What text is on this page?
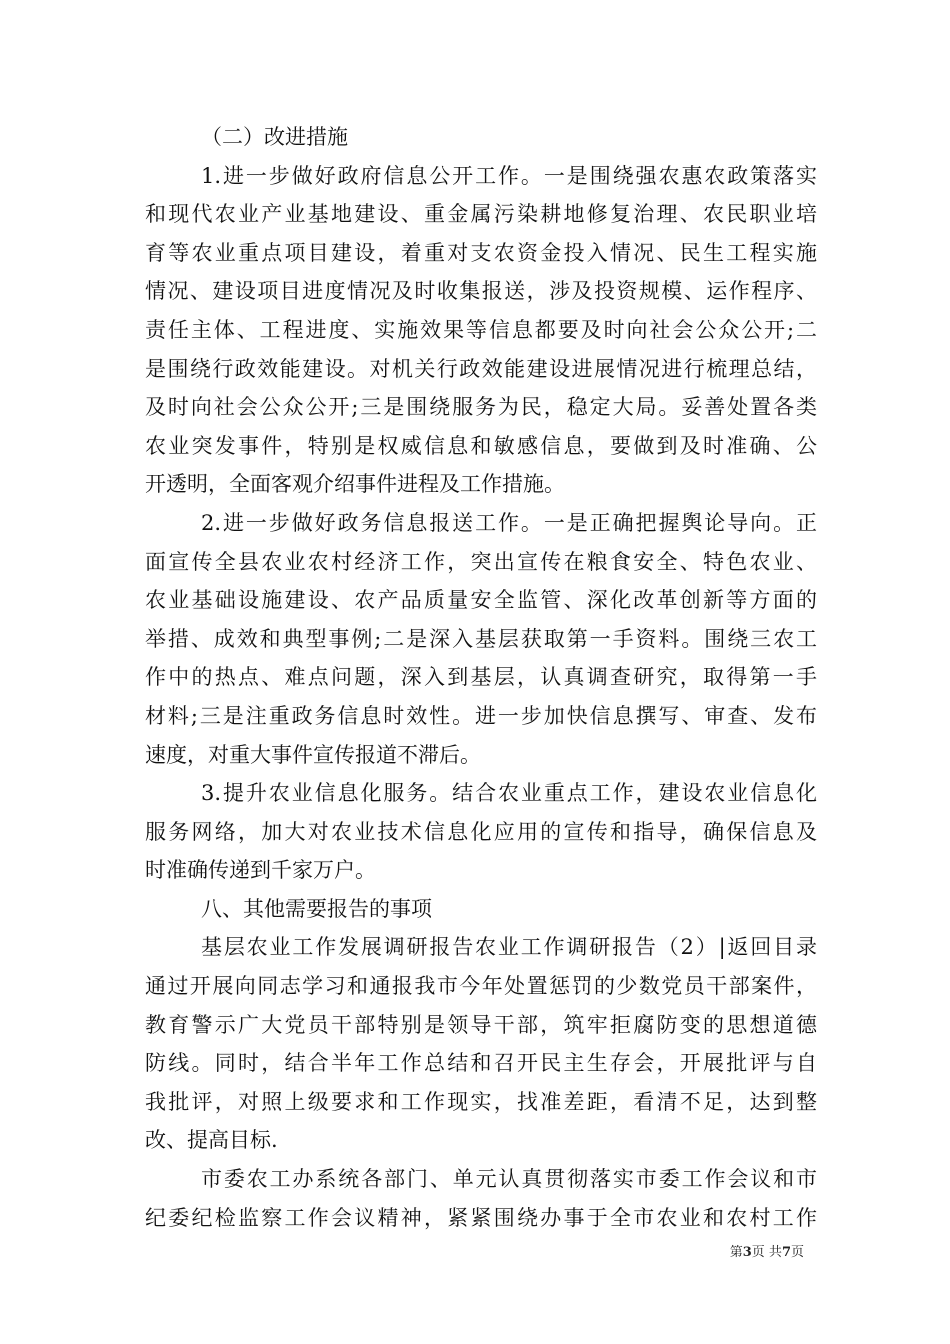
（二）改进措施
1.进一步做好政府信息公开工作。一是围绕强农惠农政策落实
和现代农业产业基地建设、重金属污染耕地修复治理、农民职业培
育等农业重点项目建设，着重对支农资金投入情况、民生工程实施
情况、建设项目进度情况及时收集报送，涉及投资规模、运作程序、
责任主体、工程进度、实施效果等信息都要及时向社会公众公开;二
是围绕行政效能建设。对机关行政效能建设进展情况进行梳理总结，
及时向社会公众公开;三是围绕服务为民，稳定大局。妥善处置各类
农业突发事件，特别是权威信息和敏感信息，要做到及时准确、公
开透明，全面客观介绍事件进程及工作措施。
2.进一步做好政务信息报送工作。一是正确把握舆论导向。正
面宣传全县农业农村经济工作，突出宣传在粮食安全、特色农业、
农业基础设施建设、农产品质量安全监管、深化改革创新等方面的
举措、成效和典型事例;二是深入基层获取第一手资料。围绕三农工
作中的热点、难点问题，深入到基层，认真调查研究，取得第一手
材料;三是注重政务信息时效性。进一步加快信息撰写、审查、发布
速度，对重大事件宣传报道不滞后。
3.提升农业信息化服务。结合农业重点工作，建设农业信息化
服务网络，加大对农业技术信息化应用的宣传和指导，确保信息及
时准确传递到千家万户。
八、其他需要报告的事项
基层农业工作发展调研报告农业工作调研报告（2）|返回目录
通过开展向同志学习和通报我市今年处置惩罚的少数党员干部案件，
教育警示广大党员干部特别是领导干部，筑牢拒腐防变的思想道德
防线。同时，结合半年工作总结和召开民主生存会，开展批评与自
我批评，对照上级要求和工作现实，找准差距，看清不足，达到整
改、提高目标.
市委农工办系统各部门、单元认真贯彻落实市委工作会议和市
纪委纪检监察工作会议精神，紧紧围绕办事于全市农业和农村工作
第3页 共7页
